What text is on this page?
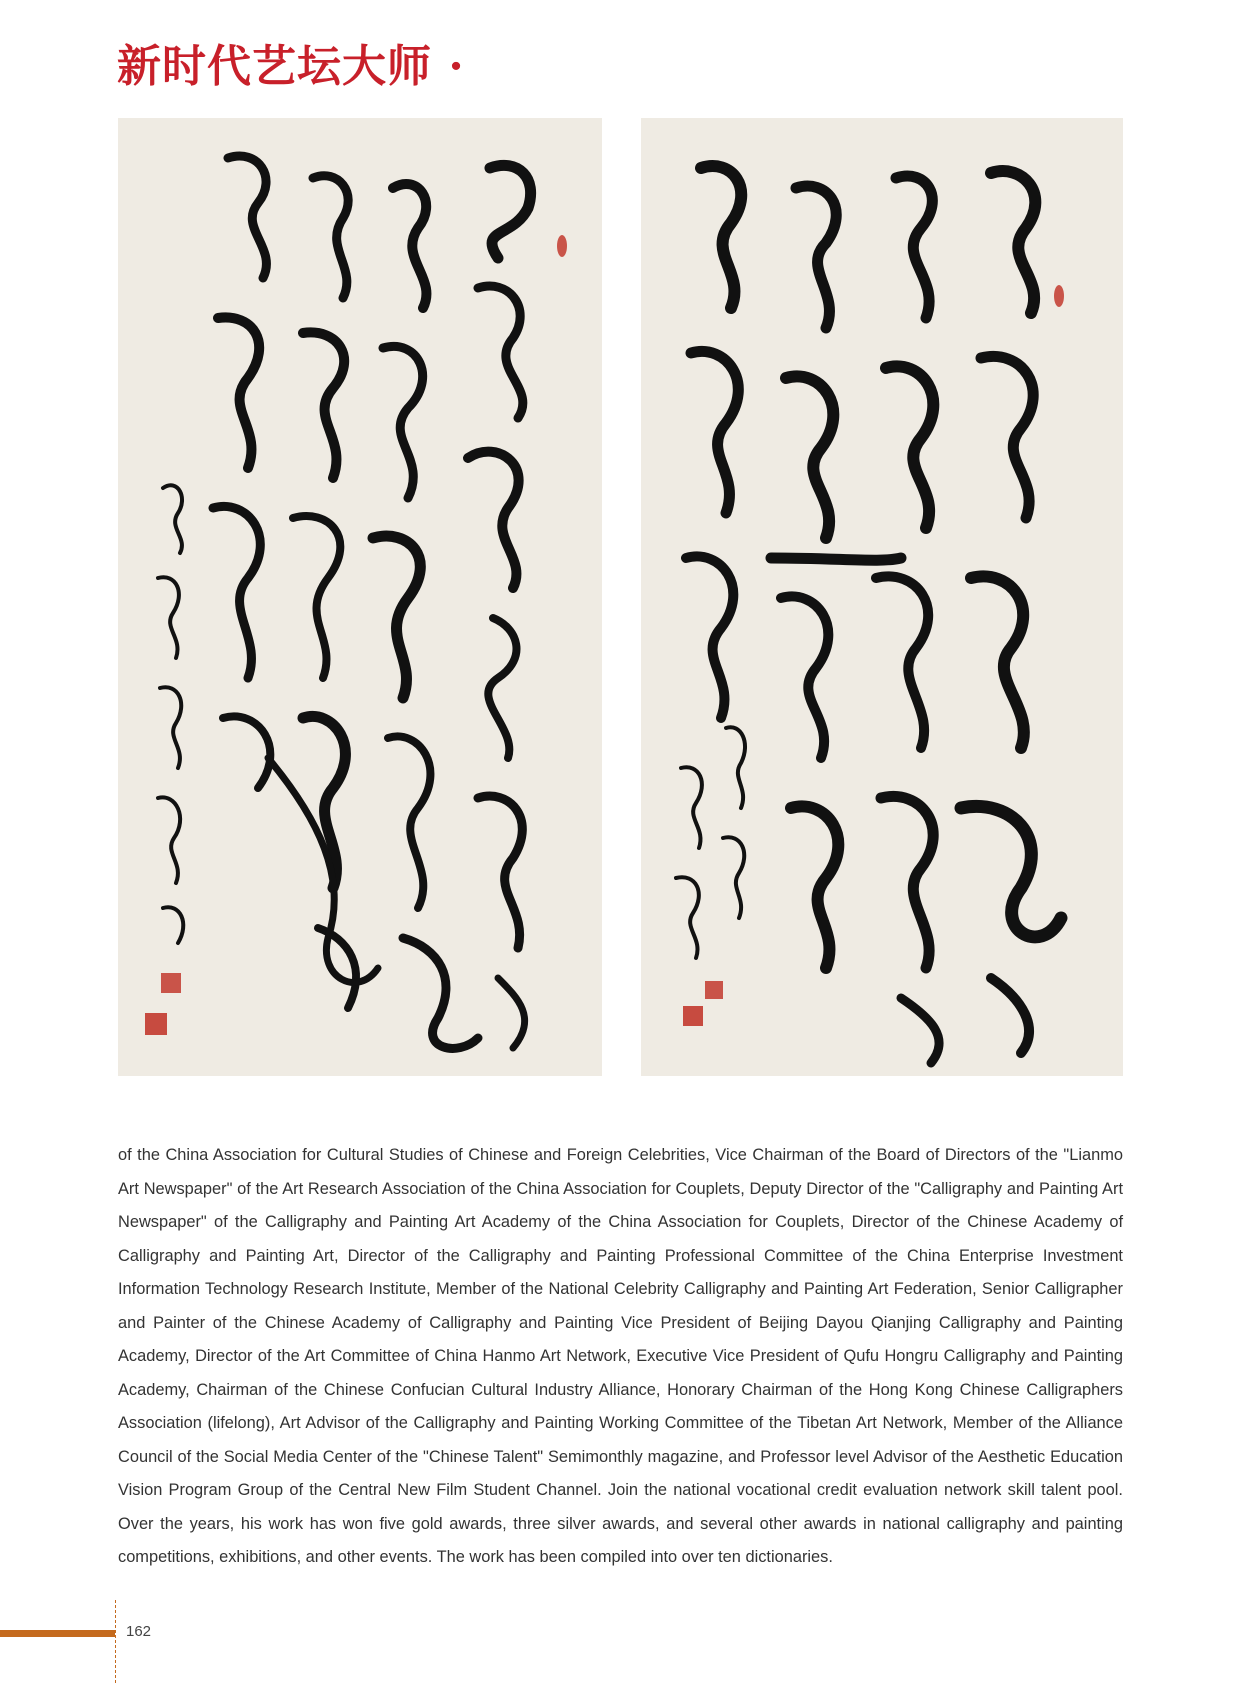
新时代艺坛大师 ·

of the China Association for Cultural Studies of Chinese and Foreign Celebrities, Vice Chairman of the Board of Directors of the "Lianmo Art Newspaper" of the Art Research Association of the China Association for Couplets, Deputy Director of the "Calligraphy and Painting Art Newspaper" of the Calligraphy and Painting Art Academy of the China Association for Couplets, Director of the Chinese Academy of Calligraphy and Painting Art, Director of the Calligraphy and Painting Professional Committee of the China Enterprise Investment Information Technology Research Institute, Member of the National Celebrity Calligraphy and Painting Art Federation, Senior Calligrapher and Painter of the Chinese Academy of Calligraphy and Painting Vice President of Beijing Dayou Qianjing Calligraphy and Painting Academy, Director of the Art Committee of China Hanmo Art Network, Executive Vice President of Qufu Hongru Calligraphy and Painting Academy, Chairman of the Chinese Confucian Cultural Industry Alliance, Honorary Chairman of the Hong Kong Chinese Calligraphers Association (lifelong), Art Advisor of the Calligraphy and Painting Working Committee of the Tibetan Art Network, Member of the Alliance Council of the Social Media Center of the "Chinese Talent" Semimonthly magazine, and Professor level Advisor of the Aesthetic Education Vision Program Group of the Central New Film Student Channel. Join the national vocational credit evaluation network skill talent pool. Over the years, his work has won five gold awards, three silver awards, and several other awards in national calligraphy and painting competitions, exhibitions, and other events. The work has been compiled into over ten dictionaries.

162
